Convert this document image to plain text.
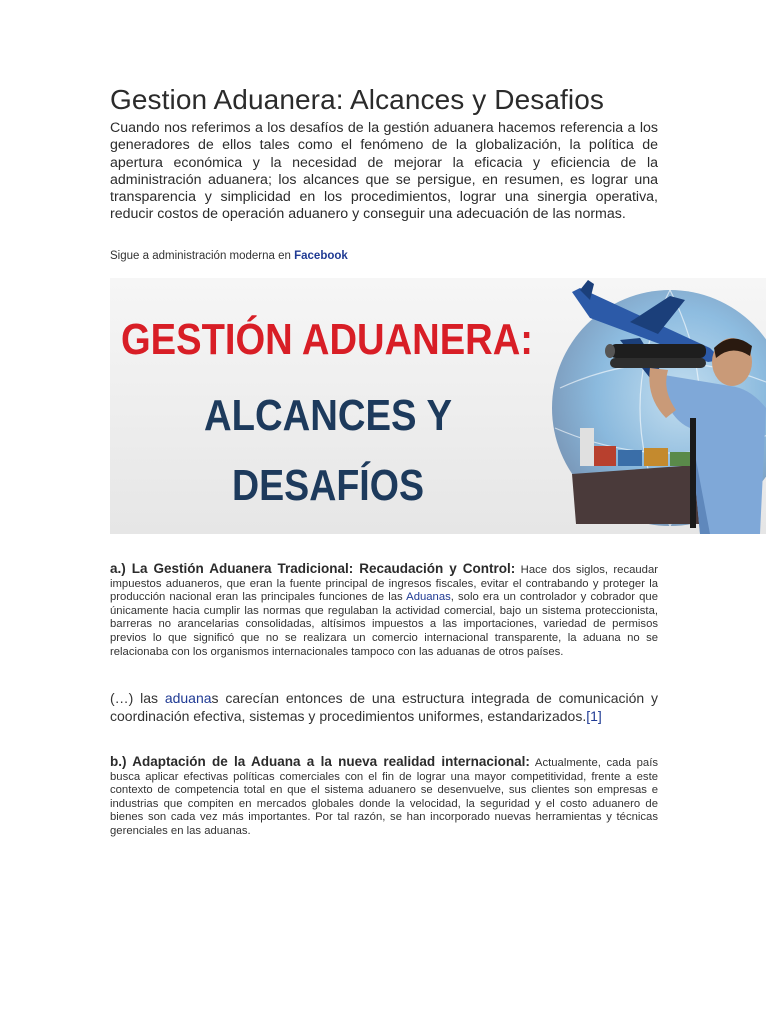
Gestion Aduanera: Alcances y Desafios

Cuando nos referimos a los desafíos de la gestión aduanera hacemos referencia a los generadores de ellos tales como el fenómeno de la globalización, la política de apertura económica y la necesidad de mejorar la eficacia y eficiencia de la administración aduanera; los alcances que se persigue, en resumen, es lograr una transparencia y simplicidad en los procedimientos, lograr una sinergia operativa, reducir costos de operación aduanero y conseguir una adecuación de las normas.

Sigue a administración moderna en Facebook

GESTIÓN ADUANERA:
ALCANCES Y
DESAFÍOS

a.) La Gestión Aduanera Tradicional: Recaudación y Control: Hace dos siglos, recaudar impuestos aduaneros, que eran la fuente principal de ingresos fiscales, evitar el contrabando y proteger la producción nacional eran las principales funciones de las Aduanas, solo era un controlador y cobrador que únicamente hacia cumplir las normas que regulaban la actividad comercial, bajo un sistema proteccionista, barreras no arancelarias consolidadas, altísimos impuestos a las importaciones, variedad de permisos previos lo que significó que no se realizara un comercio internacional transparente, la aduana no se relacionaba con los organismos internacionales tampoco con las aduanas de otros países.

(…) las aduanas carecían entonces de una estructura integrada de comunicación y coordinación efectiva, sistemas y procedimientos uniformes, estandarizados.[1]

b.) Adaptación de la Aduana a la nueva realidad internacional: Actualmente, cada país busca aplicar efectivas políticas comerciales con el fin de lograr una mayor competitividad, frente a este contexto de competencia total en que el sistema aduanero se desenvuelve, sus clientes son empresas e industrias que compiten en mercados globales donde la velocidad, la seguridad y el costo aduanero de bienes son cada vez más importantes. Por tal razón, se han incorporado nuevas herramientas y técnicas gerenciales en las aduanas.
